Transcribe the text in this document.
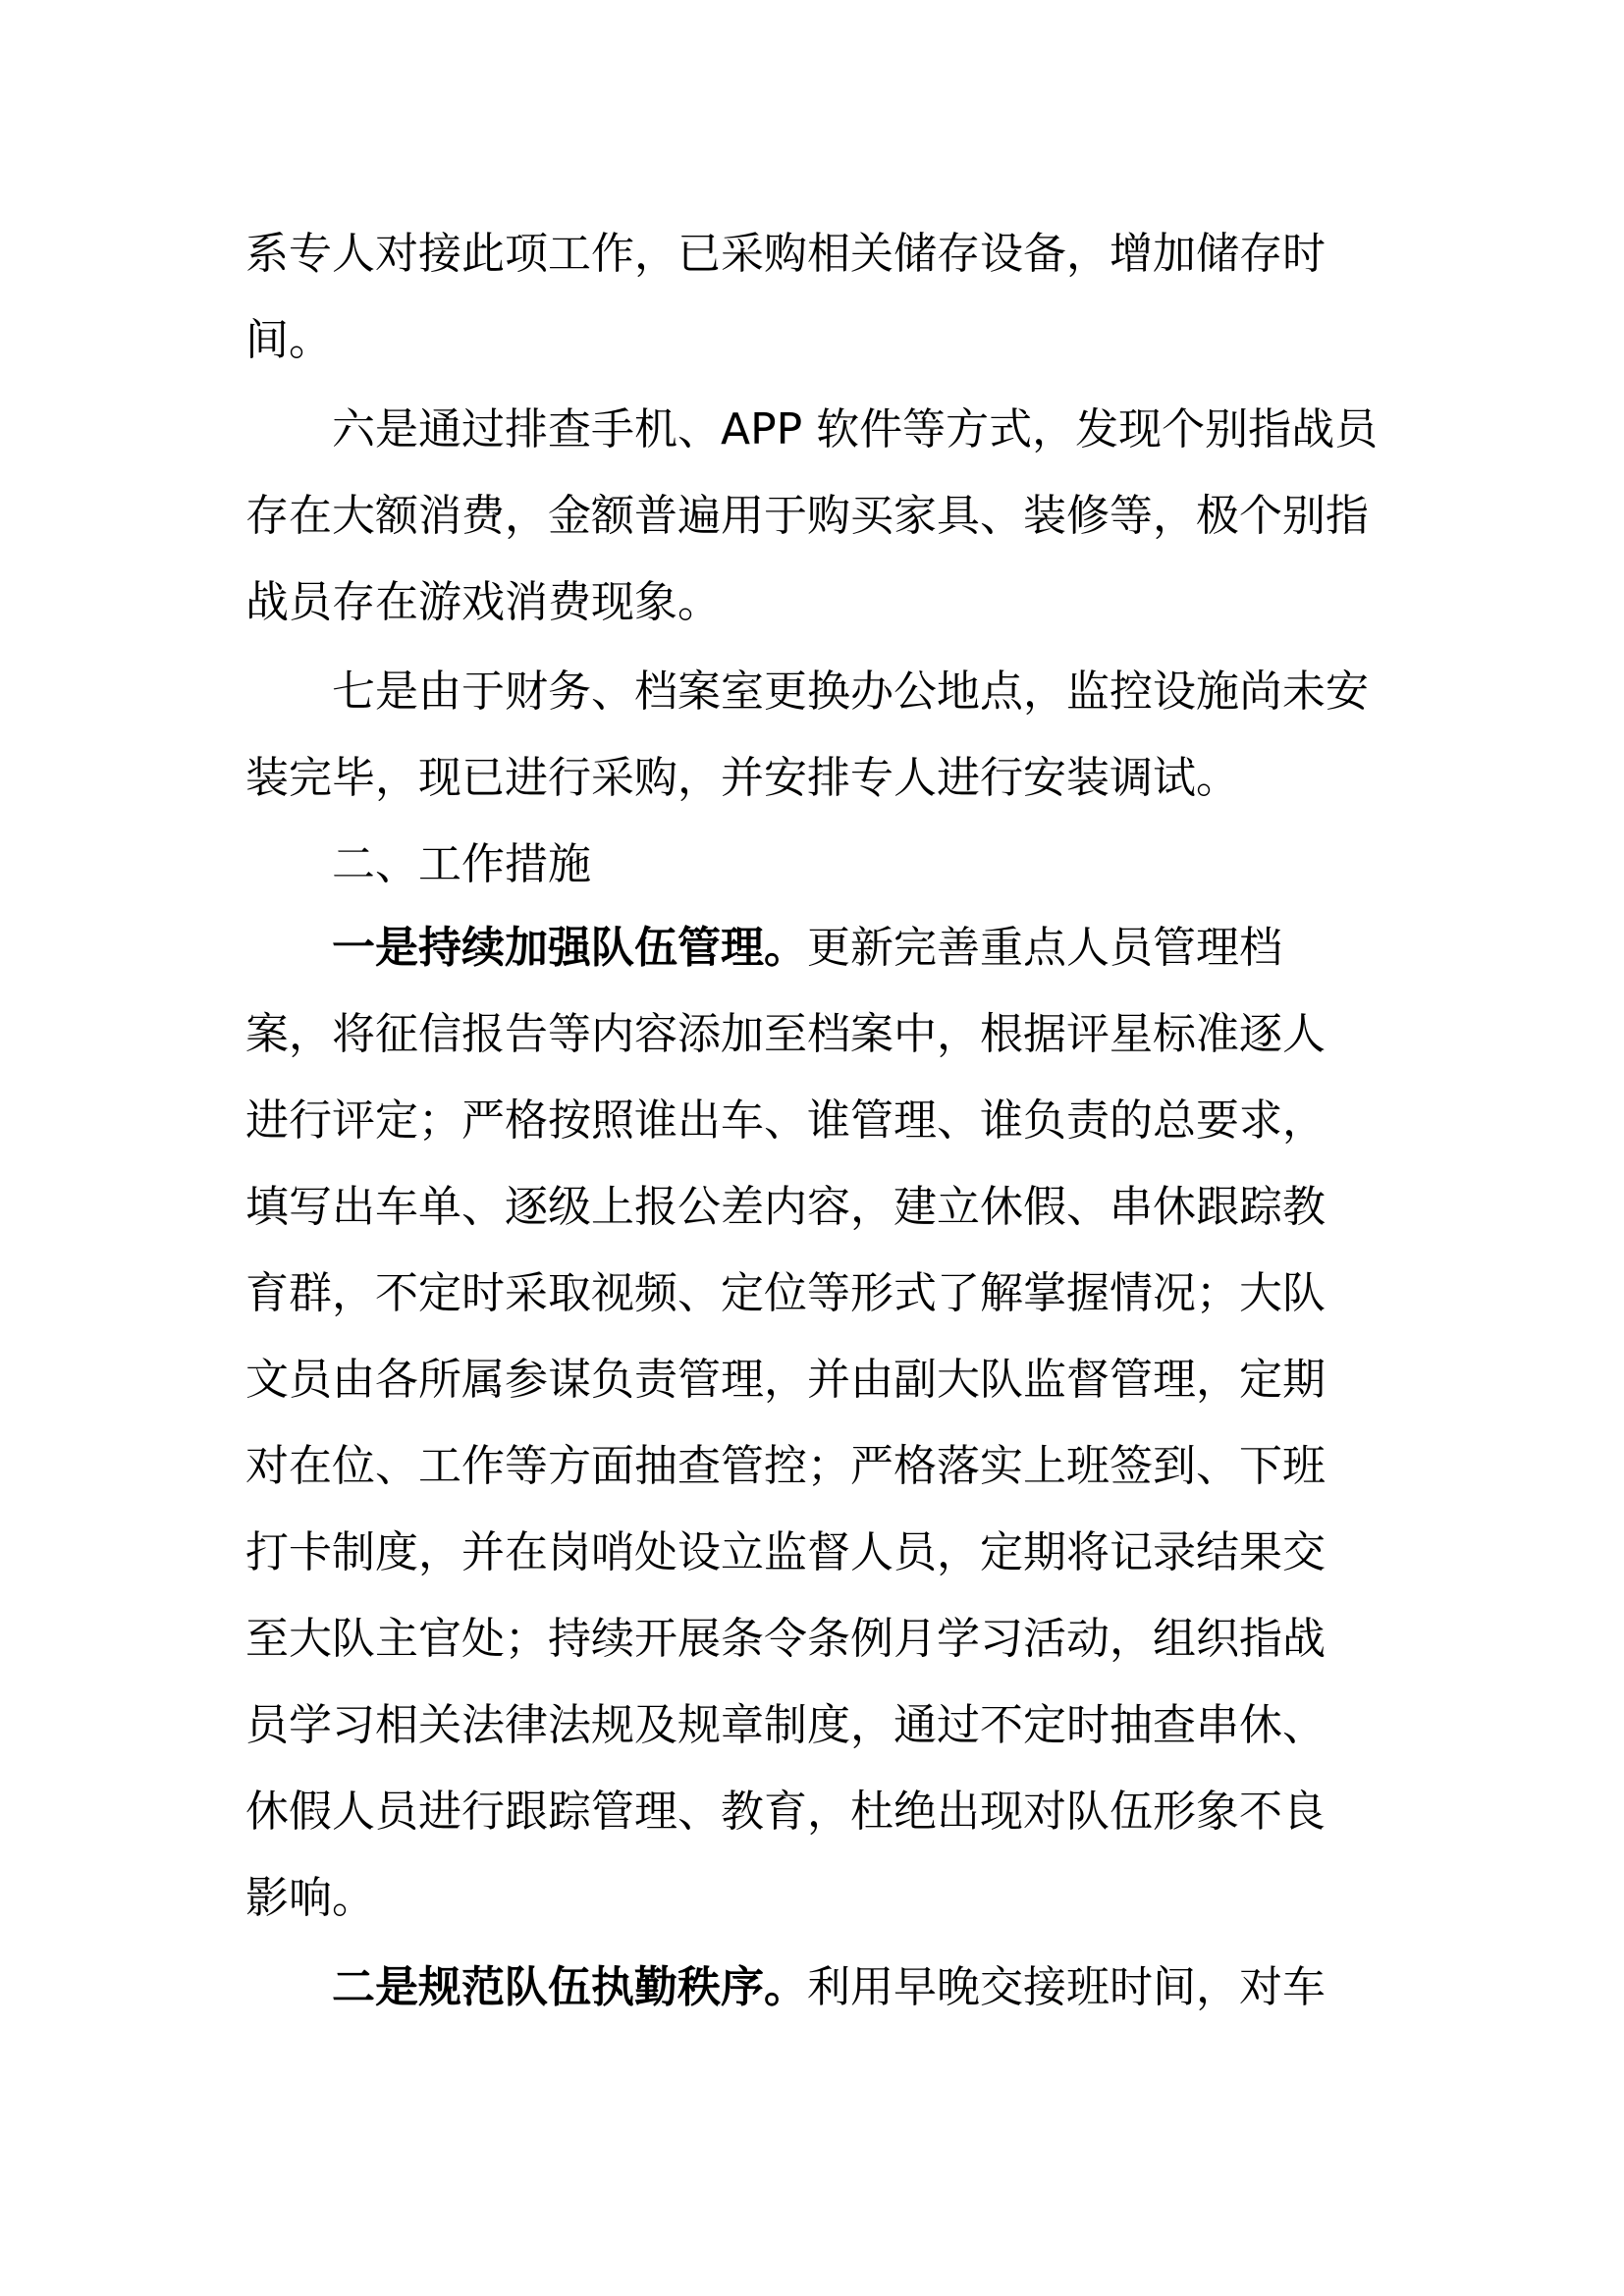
系专人对接此项工作，已采购相关储存设备，增加储存时间。

六是通过排查手机、APP 软件等方式，发现个别指战员存在大额消费，金额普遍用于购买家具、装修等，极个别指战员存在游戏消费现象。

七是由于财务、档案室更换办公地点，监控设施尚未安装完毕，现已进行采购，并安排专人进行安装调试。

二、工作措施

一是持续加强队伍管理。更新完善重点人员管理档案，将征信报告等内容添加至档案中，根据评星标准逐人进行评定；严格按照谁出车、谁管理、谁负责的总要求，填写出车单、逐级上报公差内容，建立休假、串休跟踪教育群，不定时采取视频、定位等形式了解掌握情况；大队文员由各所属参谋负责管理，并由副大队监督管理，定期对在位、工作等方面抽查管控；严格落实上班签到、下班打卡制度，并在岗哨处设立监督人员，定期将记录结果交至大队主官处；持续开展条令条例月学习活动，组织指战员学习相关法律法规及规章制度，通过不定时抽查串休、休假人员进行跟踪管理、教育，杜绝出现对队伍形象不良影响。

二是规范队伍执勤秩序。利用早晚交接班时间，对车
